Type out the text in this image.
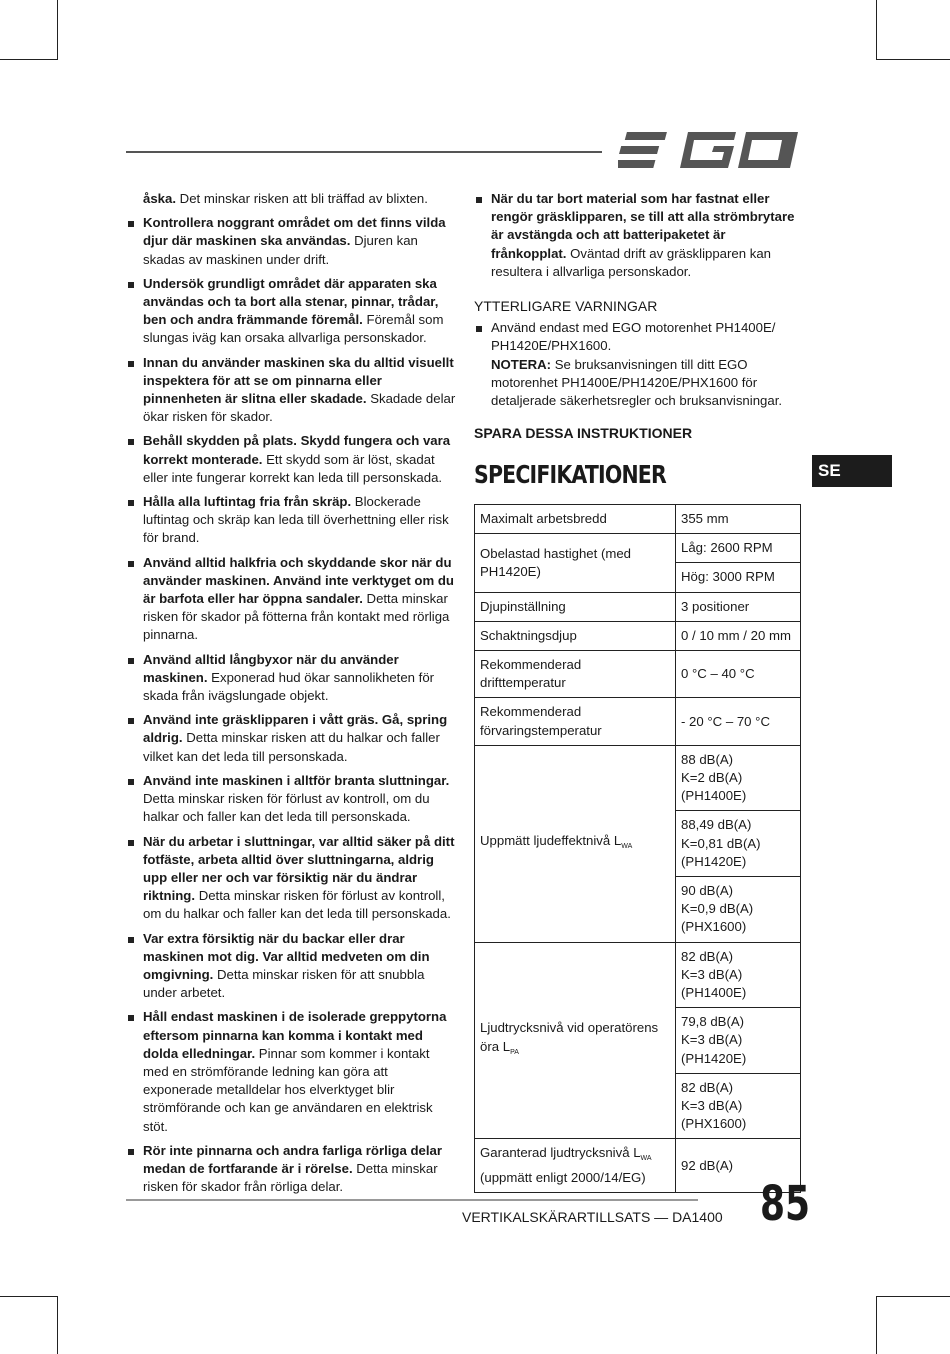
åska. Det minskar risken att bli träffad av blixten.
Kontrollera noggrant området om det finns vilda djur där maskinen ska användas. Djuren kan skadas av maskinen under drift.
Undersök grundligt området där apparaten ska användas och ta bort alla stenar, pinnar, trådar, ben och andra främmande föremål. Föremål som slungas iväg kan orsaka allvarliga personskador.
Innan du använder maskinen ska du alltid visuellt inspektera för att se om pinnarna eller pinnenheten är slitna eller skadade. Skadade delar ökar risken för skador.
Behåll skydden på plats. Skydd fungera och vara korrekt monterade. Ett skydd som är löst, skadat eller inte fungerar korrekt kan leda till personskada.
Hålla alla luftintag fria från skräp. Blockerade luftintag och skräp kan leda till överhettning eller risk för brand.
Använd alltid halkfria och skyddande skor när du använder maskinen. Använd inte verktyget om du är barfota eller har öppna sandaler. Detta minskar risken för skador på fötterna från kontakt med rörliga pinnarna.
Använd alltid långbyxor när du använder maskinen. Exponerad hud ökar sannolikheten för skada från ivägslungade objekt.
Använd inte gräsklipparen i vått gräs. Gå, spring aldrig. Detta minskar risken att du halkar och faller vilket kan det leda till personskada.
Använd inte maskinen i alltför branta sluttningar. Detta minskar risken för förlust av kontroll, om du halkar och faller kan det leda till personskada.
När du arbetar i sluttningar, var alltid säker på ditt fotfäste, arbeta alltid över sluttningarna, aldrig upp eller ner och var försiktig när du ändrar riktning. Detta minskar risken för förlust av kontroll, om du halkar och faller kan det leda till personskada.
Var extra försiktig när du backar eller drar maskinen mot dig. Var alltid medveten om din omgivning. Detta minskar risken för att snubbla under arbetet.
Håll endast maskinen i de isolerade greppytorna eftersom pinnarna kan komma i kontakt med dolda elledningar. Pinnar som kommer i kontakt med en strömförande ledning kan göra att exponerade metalldelar hos elverktyget blir strömförande och kan ge användaren en elektrisk stöt.
Rör inte pinnarna och andra farliga rörliga delar medan de fortfarande är i rörelse. Detta minskar risken för skador från rörliga delar.
När du tar bort material som har fastnat eller rengör gräsklipparen, se till att alla strömbrytare är avstängda och att batteripaketet är frånkopplat. Oväntad drift av gräsklipparen kan resultera i allvarliga personskador.
YTTERLIGARE VARNINGAR
Använd endast med EGO motorenhet PH1400E/ PH1420E/PHX1600.
NOTERA: Se bruksanvisningen till ditt EGO motorenhet PH1400E/PH1420E/PHX1600 för detaljerade säkerhetsregler och bruksanvisningar.
SPARA DESSA INSTRUKTIONER
SPECIFIKATIONER	SE
Maximalt arbetsbredd	355 mm
Obelastad hastighet (med PH1420E)	Låg: 2600 RPM
	Hög: 3000 RPM
Djupinställning	3 positioner
Schaktningsdjup	0 / 10 mm / 20 mm
Rekommenderad drifttemperatur	0 °C – 40 °C
Rekommenderad förvaringstemperatur	- 20 °C – 70 °C
Uppmätt ljudeffektnivå $L_{WA}$	88 dB(A)
K=2 dB(A)
(PH1400E)
	88,49 dB(A)
K=0,81 dB(A)
(PH1420E)
	90 dB(A)
K=0,9 dB(A)
(PHX1600)
Ljudtrycksnivå vid operatörens öra $L_{PA}$	82 dB(A)
K=3 dB(A)
(PH1400E)
	79,8 dB(A)
K=3 dB(A)
(PH1420E)
	82 dB(A)
K=3 dB(A)
(PHX1600)
Garanterad ljudtrycksnivå $L_{WA}$
(uppmätt enligt 2000/14/EG)	92 dB(A)
VERTIKALSKÄRARTILLSATS — DA1400 85
